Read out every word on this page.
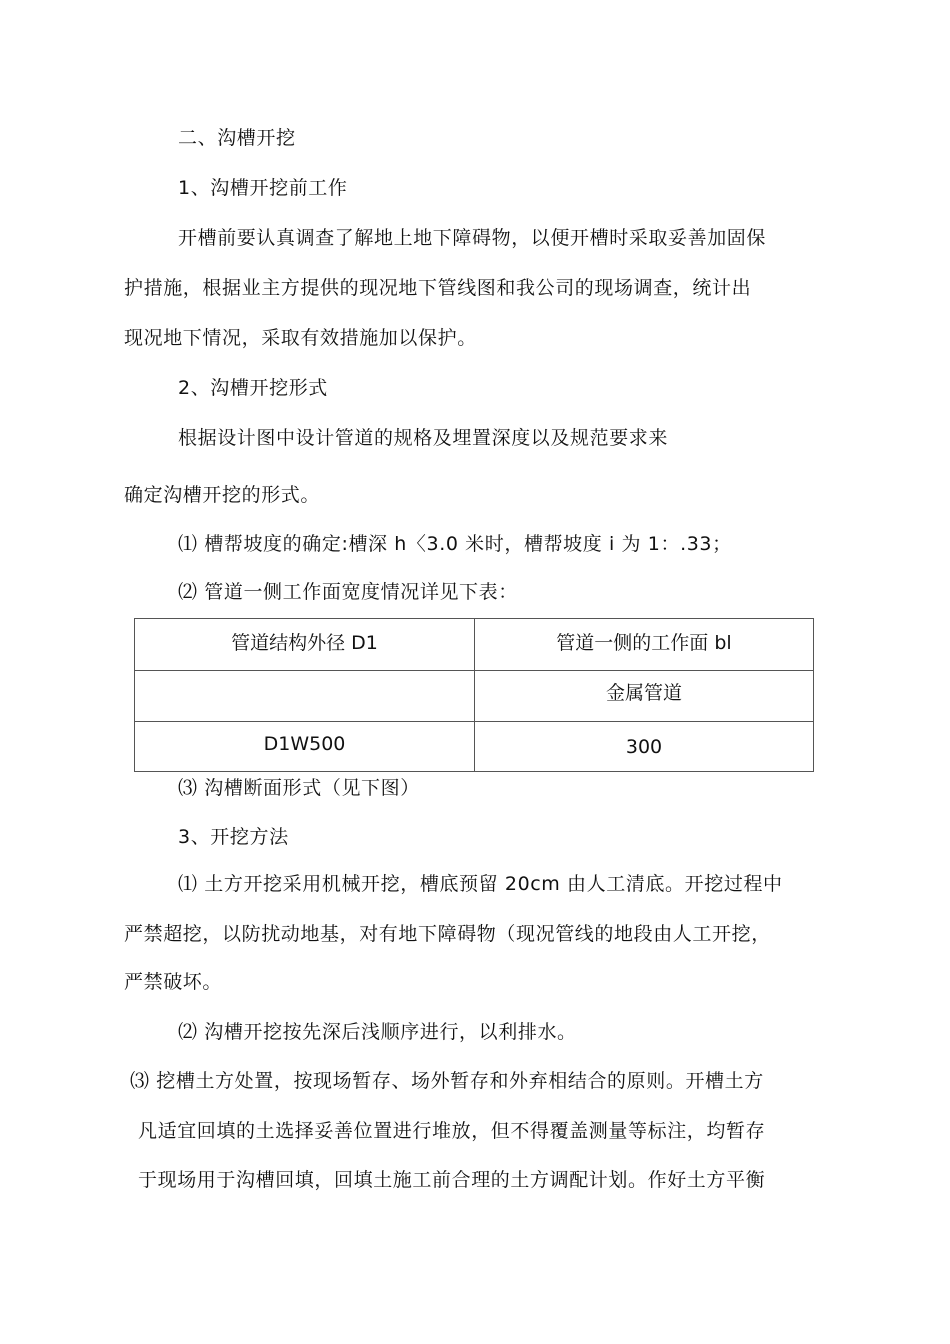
二、沟槽开挖
1、沟槽开挖前工作
开槽前要认真调查了解地上地下障碍物，以便开槽时采取妥善加固保
护措施，根据业主方提供的现况地下管线图和我公司的现场调查，统计出
现况地下情况，采取有效措施加以保护。
2、沟槽开挖形式
根据设计图中设计管道的规格及埋置深度以及规范要求来
确定沟槽开挖的形式。
⑴ 槽帮坡度的确定:槽深 h〈3.0 米时，槽帮坡度 i 为 1：.33；
⑵ 管道一侧工作面宽度情况详见下表：
管道结构外径 D1	管道一侧的工作面 bl
金属管道
D1W500	300
⑶ 沟槽断面形式（见下图）
3、开挖方法
⑴ 土方开挖采用机械开挖，槽底预留 20cm 由人工清底。开挖过程中
严禁超挖，以防扰动地基，对有地下障碍物（现况管线的地段由人工开挖，
严禁破坏。
⑵ 沟槽开挖按先深后浅顺序进行，以利排水。
⑶ 挖槽土方处置，按现场暂存、场外暂存和外弃相结合的原则。开槽土方
凡适宜回填的土选择妥善位置进行堆放，但不得覆盖测量等标注，均暂存
于现场用于沟槽回填，回填土施工前合理的土方调配计划。作好土方平衡
